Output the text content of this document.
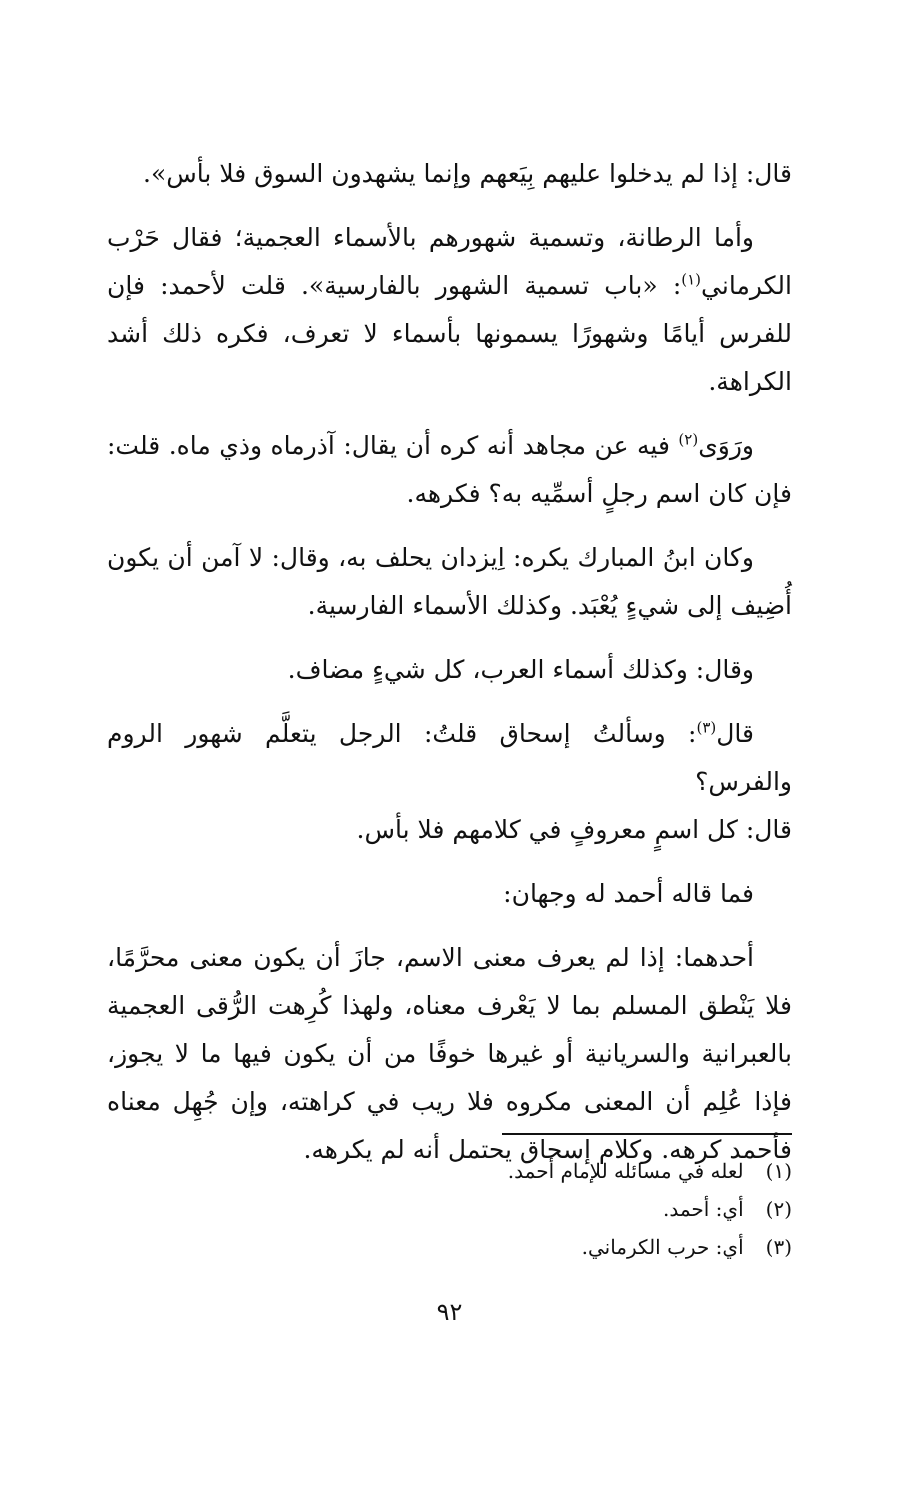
قال: إذا لم يدخلوا عليهم بِيَعهم وإنما يشهدون السوق فلا بأس».

وأما الرطانة، وتسمية شهورهم بالأسماء العجمية؛ فقال حَرْب الكرماني$^{(١)}$: «باب تسمية الشهور بالفارسية». قلت لأحمد: فإن للفرس أيامًا وشهورًا يسمونها بأسماء لا تعرف، فكره ذلك أشد الكراهة.

ورَوَى$^{(٢)}$ فيه عن مجاهد أنه كره أن يقال: آذرماه وذي ماه. قلت: فإن كان اسم رجلٍ أسمِّيه به؟ فكرهه.

وكان ابنُ المبارك يكره: اِيزدان يحلف به، وقال: لا آمن أن يكون أُضِيف إلى شيءٍ يُعْبَد. وكذلك الأسماء الفارسية.

وقال: وكذلك أسماء العرب، كل شيءٍ مضاف.

قال$^{(٣)}$: وسألتُ إسحاق قلتُ: الرجل يتعلَّم شهور الروم والفرس؟

قال: كل اسمٍ معروفٍ في كلامهم فلا بأس.

فما قاله أحمد له وجهان:

أحدهما: إذا لم يعرف معنى الاسم، جازَ أن يكون معنى محرَّمًا، فلا يَنْطق المسلم بما لا يَعْرف معناه، ولهذا كُرِهت الرُّقى العجمية بالعبرانية والسريانية أو غيرها خوفًا من أن يكون فيها ما لا يجوز، فإذا عُلِم أن المعنى مكروه فلا ريب في كراهته، وإن جُهِل معناه فأحمد كرهه. وكلام إسحاق يحتمل أنه لم يكرهه.

(١) لعله في مسائله للإمام أحمد.

(٢) أي: أحمد.

(٣) أي: حرب الكرماني.

٩٢
